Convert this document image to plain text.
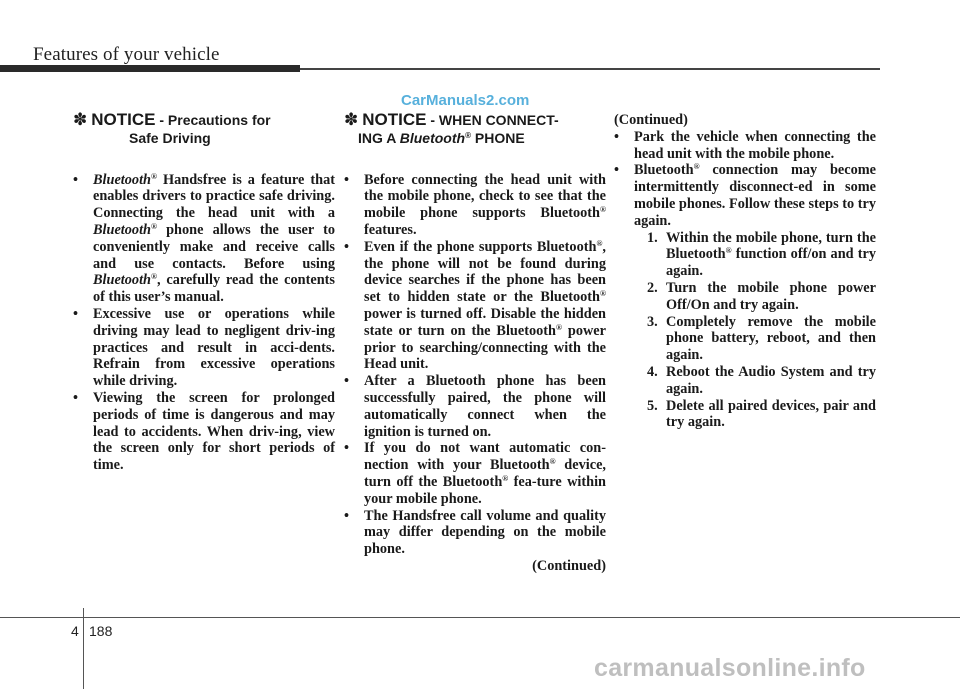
Features of your vehicle
CarManuals2.com
✽ NOTICE - Precautions for
Safe Driving

• Bluetooth® Handsfree is a feature that enables drivers to practice safe driving. Connecting the head unit with a Bluetooth® phone allows the user to conveniently make and receive calls and use contacts. Before using Bluetooth®, carefully read the contents of this user’s manual.

• Excessive use or operations while driving may lead to negligent driv-ing practices and result in acci-dents. Refrain from excessive operations while driving.

• Viewing the screen for prolonged periods of time is dangerous and may lead to accidents. When driv-ing, view the screen only for short periods of time.

✽ NOTICE - WHEN CONNECT-
ING A Bluetooth® PHONE

• Before connecting the head unit with the mobile phone, check to see that the mobile phone supports Bluetooth® features.

• Even if the phone supports Bluetooth®, the phone will not be found during device searches if the phone has been set to hidden state or the Bluetooth® power is turned off. Disable the hidden state or turn on the Bluetooth® power prior to searching/connecting with the Head unit.

• After a Bluetooth phone has been successfully paired, the phone will automatically connect when the ignition is turned on.

• If you do not want automatic con-nection with your Bluetooth® device, turn off the Bluetooth® fea-ture within your mobile phone.

• The Handsfree call volume and quality may differ depending on the mobile phone.

(Continued)

(Continued)

• Park the vehicle when connecting the head unit with the mobile phone.

• Bluetooth® connection may become intermittently disconnect-ed in some mobile phones. Follow these steps to try again.

1. Within the mobile phone, turn the Bluetooth® function off/on and try again.

2. Turn the mobile phone power Off/On and try again.

3. Completely remove the mobile phone battery, reboot, and then again.

4. Reboot the Audio System and try again.

5. Delete all paired devices, pair and try again.

4 188
carmanualsonline.info
